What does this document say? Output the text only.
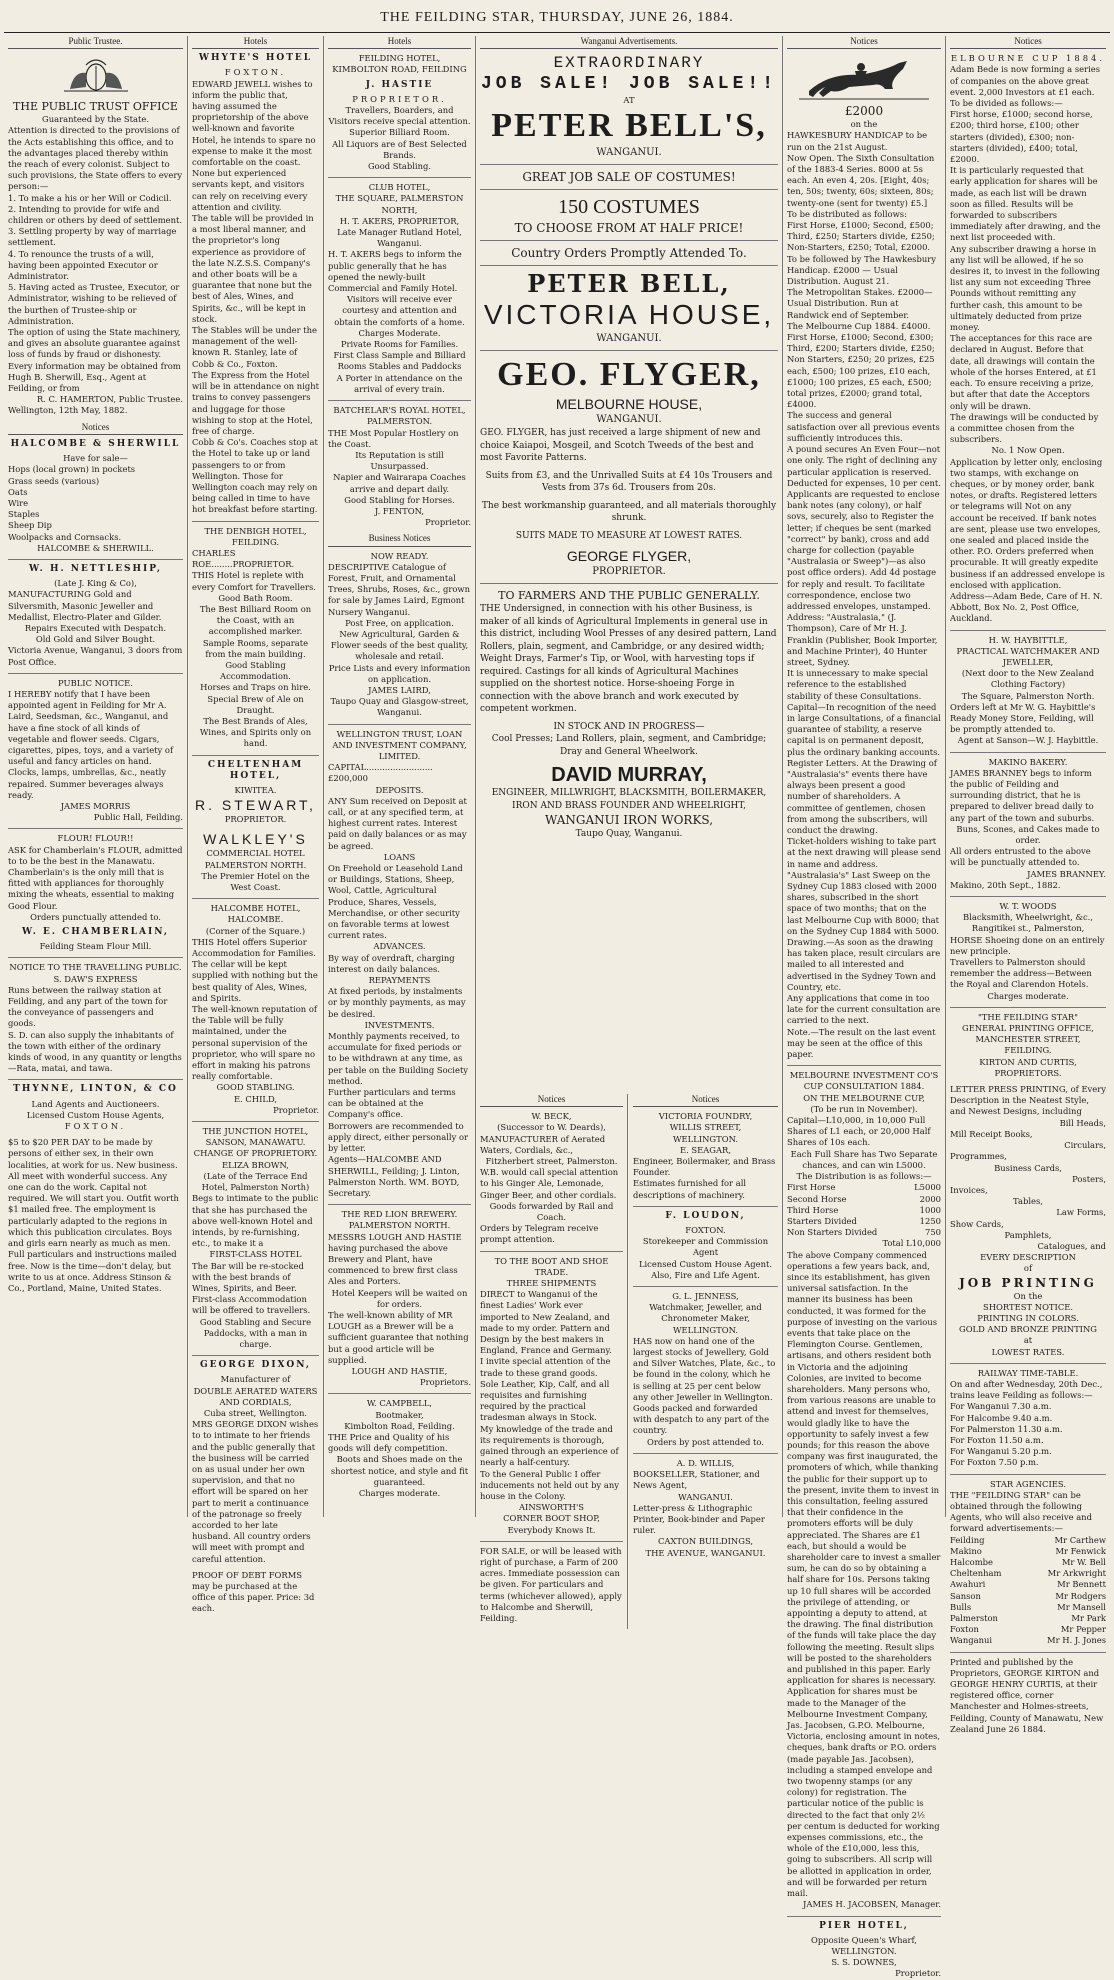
THE FEILDING STAR, THURSDAY, JUNE 26, 1884.
Public Trustee.
THE PUBLIC TRUST OFFICE
Guaranteed by the State.
Attention is directed to the provisions of the Acts establishing this office, and to the advantages placed thereby within the reach of every colonist. Subject to such provisions, the State offers to every person:—
1. To make a his or her Will or Codicil.
2. Intending to provide for wife and children or others by deed of settlement.
3. Settling property by way of marriage settlement.
4. To renounce the trusts of a will, having been appointed Executor or Administrator.
5. Having acted as Trustee, Executor, or Administrator, wishing to be relieved of the burthen of Trustee-ship or Administration.
The option of using the State machinery, and gives an absolute guarantee against loss of funds by fraud or dishonesty.
Every information may be obtained from Hugh B. Sherwill, Esq., Agent at Feilding, or from
R. C. HAMERTON, Public Trustee.
Wellington, 12th May, 1882.
Notices
HALCOMBE & SHERWILL
Have for sale—
Hops (local grown) in pockets
Grass seeds (various)
Oats
Wire
Staples
Sheep Dip
Woolpacks and Cornsacks.
HALCOMBE & SHERWILL.
W. H. NETTLESHIP,
(Late J. King & Co),
MANUFACTURING Gold and Silversmith, Masonic Jeweller and Medallist, Electro-Plater and Gilder.
Repairs Executed with Despatch.
Old Gold and Silver Bought.
Victoria Avenue, Wanganui, 3 doors from Post Office.
PUBLIC NOTICE.
I HEREBY notify that I have been appointed agent in Feilding for Mr A. Laird, Seedsman, &c., Wanganui, and have a fine stock of all kinds of vegetable and flower seeds. Cigars, cigarettes, pipes, toys, and a variety of useful and fancy articles on hand. Clocks, lamps, umbrellas, &c., neatly repaired. Summer beverages always ready.
JAMES MORRIS
Public Hall, Feilding.
FLOUR! FLOUR!!
ASK for Chamberlain's FLOUR, admitted to to be the best in the Manawatu.
Chamberlain's is the only mill that is fitted with appliances for thoroughly mixing the wheats, essential to making Good Flour.
Orders punctually attended to.
W. E. CHAMBERLAIN,
Feilding Steam Flour Mill.
NOTICE TO THE TRAVELLING PUBLIC.
S. DAW'S EXPRESS
Runs between the railway station at Feilding, and any part of the town for the conveyance of passengers and goods.
S. D. can also supply the inhabitants of the town with either of the ordinary kinds of wood, in any quantity or lengths—Rata, matai, and tawa.
THYNNE, LINTON, & CO
Land Agents and Auctioneers.
Licensed Custom House Agents,
FOXTON.
$5 to $20 PER DAY to be made by persons of either sex, in their own localities, at work for us. New business. All meet with wonderful success. Any one can do the work. Capital not required. We will start you. Outfit worth $1 mailed free. The employment is particularly adapted to the regions in which this publication circulates. Boys and girls earn nearly as much as men. Full particulars and instructions mailed free. Now is the time—don't delay, but write to us at once. Address Stinson & Co., Portland, Maine, United States.
Hotels
WHYTE'S HOTEL
FOXTON.
EDWARD JEWELL wishes to inform the public that, having assumed the proprietorship of the above well-known and favorite Hotel, he intends to spare no expense to make it the most comfortable on the coast. None but experienced servants kept, and visitors can rely on receiving every attention and civility.
The table will be provided in a most liberal manner, and the proprietor's long experience as providore of the late N.Z.S.S. Company's and other boats will be a guarantee that none but the best of Ales, Wines, and Spirits, &c., will be kept in stock.
The Stables will be under the management of the well-known R. Stanley, late of Cobb & Co., Foxton.
The Express from the Hotel will be in attendance on night trains to convey passengers and luggage for those wishing to stop at the Hotel, free of charge.
Cobb & Co's. Coaches stop at the Hotel to take up or land passengers to or from Wellington. Those for Wellington coach may rely on being called in time to have hot breakfast before starting.
THE DENBIGH HOTEL,
FEILDING.
CHARLES ROE........PROPRIETOR.
THIS Hotel is replete with every Comfort for Travellers.
Good Bath Room.
The Best Billiard Room on the Coast, with an accomplished marker.
Sample Rooms, separate from the main building.
Good Stabling Accommodation.
Horses and Traps on hire.
Special Brew of Ale on Draught.
The Best Brands of Ales, Wines, and Spirits only on hand.
CHELTENHAM HOTEL,
KIWITEA.
R. STEWART,
PROPRIETOR.
WALKLEY'S
COMMERCIAL HOTEL
PALMERSTON NORTH.
The Premier Hotel on the West Coast.
HALCOMBE HOTEL,
HALCOMBE.
(Corner of the Square.)
THIS Hotel offers Superior Accommodation for Families.
The cellar will be kept supplied with nothing but the best quality of Ales, Wines, and Spirits.
The well-known reputation of the Table will be fully maintained, under the personal supervision of the proprietor, who will spare no effort in making his patrons really comfortable.
GOOD STABLING.
E. CHILD,
Proprietor.
THE JUNCTION HOTEL,
SANSON, MANAWATU.
CHANGE OF PROPRIETORY.
ELIZA BROWN,
(Late of the Terrace End Hotel, Palmerston North)
Begs to intimate to the public that she has purchased the above well-known Hotel and intends, by re-furnishing, etc., to make it a
FIRST-CLASS HOTEL
The Bar will be re-stocked with the best brands of Wines, Spirits, and Beer.
First-class Accommodation will be offered to travellers.
Good Stabling and Secure Paddocks, with a man in charge.
GEORGE DIXON,
Manufacturer of
DOUBLE AERATED WATERS AND CORDIALS,
Cuba street, Wellington.
MRS GEORGE DIXON wishes to to intimate to her friends and the public generally that the business will be carried on as usual under her own supervision, and that no effort will be spared on her part to merit a continuance of the patronage so freely accorded to her late husband. All country orders will meet with prompt and careful attention.
PROOF OF DEBT FORMS may be purchased at the office of this paper. Price: 3d each.
Hotels
FEILDING HOTEL,
KIMBOLTON ROAD, FEILDING
J. HASTIE
PROPRIETOR.
Travellers, Boarders, and Visitors receive special attention.
Superior Billiard Room.
All Liquors are of Best Selected Brands.
Good Stabling.
CLUB HOTEL,
THE SQUARE, PALMERSTON NORTH,
H. T. AKERS, PROPRIETOR,
Late Manager Rutland Hotel, Wanganui.
H. T. AKERS begs to inform the public generally that he has opened the newly-built Commercial and Family Hotel.
Visitors will receive ever courtesy and attention and obtain the comforts of a home.
Charges Moderate.
Private Rooms for Families.
First Class Sample and Billiard Rooms Stables and Paddocks
A Porter in attendance on the arrival of every train.
BATCHELAR'S ROYAL HOTEL,
PALMERSTON.
THE Most Popular Hostlery on the Coast.
Its Reputation is still Unsurpassed.
Napier and Wairarapa Coaches arrive and depart daily.
Good Stabling for Horses.
J. FENTON,
Proprietor.
Business Notices
NOW READY.
DESCRIPTIVE Catalogue of Forest, Fruit, and Ornamental Trees, Shrubs, Roses, &c., grown for sale by James Laird, Egmont Nursery Wanganui.
Post Free, on application.
New Agricultural, Garden & Flower seeds of the best quality, wholesale and retail.
Price Lists and every information on application.
JAMES LAIRD,
Taupo Quay and Glasgow-street, Wanganui.
WELLINGTON TRUST, LOAN AND INVESTMENT COMPANY, LIMITED.
CAPITAL.........................£200,000
DEPOSITS.
ANY Sum received on Deposit at call, or at any specified term, at highest current rates. Interest paid on daily balances or as may be agreed.
LOANS
On Freehold or Leasehold Land or Buildings, Stations, Sheep, Wool, Cattle, Agricultural Produce, Shares, Vessels, Merchandise, or other security on favorable terms at lowest current rates.
ADVANCES.
By way of overdraft, charging interest on daily balances.
REPAYMENTS
At fixed periods, by instalments or by monthly payments, as may be desired.
INVESTMENTS.
Monthly payments received, to accumulate for fixed periods or to be withdrawn at any time, as per table on the Building Society method.
Further particulars and terms can be obtained at the Company's office.
Borrowers are recommended to apply direct, either personally or by letter.
Agents—HALCOMBE AND SHERWILL, Feilding; J. Linton, Palmerston North. WM. BOYD, Secretary.
THE RED LION BREWERY.
PALMERSTON NORTH.
MESSRS LOUGH AND HASTIE having purchased the above Brewery and Plant, have commenced to brew first class Ales and Porters.
Hotel Keepers will be waited on for orders.
The well-known ability of MR LOUGH as a Brewer will be a sufficient guarantee that nothing but a good article will be supplied.
LOUGH AND HASTIE,
Proprietors.
W. CAMPBELL,
Bootmaker,
Kimbolton Road, Feilding.
THE Price and Quality of his goods will defy competition.
Boots and Shoes made on the shortest notice, and style and fit guaranteed.
Charges moderate.
Wanganui Advertisements.
EXTRAORDINARY
JOB SALE! JOB SALE!!
AT
PETER BELL'S,
WANGANUI.
GREAT JOB SALE OF COSTUMES!
150 COSTUMES
TO CHOOSE FROM AT HALF PRICE!
Country Orders Promptly Attended To.
PETER BELL,
VICTORIA HOUSE,
WANGANUI.
GEO. FLYGER,
MELBOURNE HOUSE,
WANGANUI.
GEO. FLYGER, has just received a large shipment of new and choice Kaiapoi, Mosgeil, and Scotch Tweeds of the best and most Favorite Patterns.
Suits from £3, and the Unrivalled Suits at £4 10s Trousers and Vests from 37s 6d. Trousers from 20s.
The best workmanship guaranteed, and all materials thoroughly shrunk.
SUITS MADE TO MEASURE AT LOWEST RATES.
GEORGE FLYGER,
PROPRIETOR.
TO FARMERS AND THE PUBLIC GENERALLY.
THE Undersigned, in connection with his other Business, is maker of all kinds of Agricultural Implements in general use in this district, including Wool Presses of any desired pattern, Land Rollers, plain, segment, and Cambridge, or any desired width; Weight Drays, Farmer's Tip, or Wool, with harvesting tops if required. Castings for all kinds of Agricultural Machines supplied on the shortest notice. Horse-shoeing Forge in connection with the above branch and work executed by competent workmen.
IN STOCK AND IN PROGRESS—
Cool Presses; Land Rollers, plain, segment, and Cambridge; Dray and General Wheelwork.
DAVID MURRAY,
ENGINEER, MILLWRIGHT, BLACKSMITH, BOILERMAKER, IRON AND BRASS FOUNDER AND WHEELRIGHT,
WANGANUI IRON WORKS,
Taupo Quay, Wanganui.
Notices
W. BECK,
(Successor to W. Deards),
MANUFACTURER of Aerated Waters, Cordials, &c.,
Fitzherbert street, Palmerston.
W.B. would call special attention to his Ginger Ale, Lemonade, Ginger Beer, and other cordials.
Goods forwarded by Rail and Coach.
Orders by Telegram receive prompt attention.
TO THE BOOT AND SHOE TRADE.
THREE SHIPMENTS
DIRECT to Wanganui of the finest Ladies' Work ever imported to New Zealand, and made to my order. Pattern and Design by the best makers in England, France and Germany.
I invite special attention of the trade to these grand goods.
Sole Leather, Kip, Calf, and all requisites and furnishing required by the practical tradesman always in Stock.
My knowledge of the trade and its requirements is thorough, gained through an experience of nearly a half-century.
To the General Public I offer inducements not held out by any house in the Colony.
AINSWORTH'S
CORNER BOOT SHOP,
Everybody Knows It.
FOR SALE, or will be leased with right of purchase, a Farm of 200 acres. Immediate possession can be given. For particulars and terms (whichever allowed), apply to Halcombe and Sherwill, Feilding.
Notices
VICTORIA FOUNDRY,
WILLIS STREET,
WELLINGTON.
E. SEAGAR,
Engineer, Boilermaker, and Brass Founder.
Estimates furnished for all descriptions of machinery.
F. LOUDON,
FOXTON.
Storekeeper and Commission Agent
Licensed Custom House Agent.
Also, Fire and Life Agent.
G. L. JENNESS,
Watchmaker, Jeweller, and Chronometer Maker,
WELLINGTON.
HAS now on hand one of the largest stocks of Jewellery, Gold and Silver Watches, Plate, &c., to be found in the colony, which he is selling at 25 per cent below any other Jeweller in Wellington.
Goods packed and forwarded with despatch to any part of the country.
Orders by post attended to.
A. D. WILLIS,
BOOKSELLER, Stationer, and News Agent,
WANGANUI.
Letter-press & Lithographic Printer, Book-binder and Paper ruler.
CAXTON BUILDINGS,
THE AVENUE, WANGANUI.
Notices
£2000
on the
HAWKESBURY HANDICAP to be run on the 21st August.
Now Open. The Sixth Consultation of the 1883-4 Series. 8000 at 5s each. An even 4, 20s. [Eight, 40s; ten, 50s; twenty, 60s; sixteen, 80s; twenty-one (sent for twenty) £5.]
To be distributed as follows:
First Horse, £1000; Second, £500; Third, £250; Starters divide, £250; Non-Starters, £250; Total, £2000.
To be followed by The Hawkesbury Handicap. £2000 — Usual Distribution. August 21.
The Metropolitan Stakes. £2000—Usual Distribution. Run at Randwick end of September.
The Melbourne Cup 1884. £4000. First Horse, £1000; Second, £300; Third, £200; Starters divide, £250; Non Starters, £250; 20 prizes, £25 each, £500; 100 prizes, £10 each, £1000; 100 prizes, £5 each, £500; total prizes, £2000; grand total, £4000.
The success and general satisfaction over all previous events sufficiently introduces this.
A pound secures An Even Four—not one only. The right of declining any particular application is reserved.
Deducted for expenses, 10 per cent.
Applicants are requested to enclose bank notes (any colony), or half sovs, securely, also to Register the letter; if cheques be sent (marked "correct" by bank), cross and add charge for collection (payable "Australasia or Sweep")—as also post office orders). Add 4d postage for reply and result. To facilitate correspondence, enclose two addressed envelopes, unstamped.
Address: "Australasia," (J. Thompson), Care of Mr H. J. Franklin (Publisher, Book Importer, and Machine Printer), 40 Hunter street, Sydney.
It is unnecessary to make special reference to the established stability of these Consultations.
Capital—In recognition of the need in large Consultations, of a financial guarantee of stability, a reserve capital is on permanent deposit, plus the ordinary banking accounts.
Register Letters. At the Drawing of "Australasia's" events there have always been present a good number of shareholders. A committee of gentlemen, chosen from among the subscribers, will conduct the drawing.
Ticket-holders wishing to take part at the next drawing will please send in name and address.
"Australasia's" Last Sweep on the Sydney Cup 1883 closed with 2000 shares, subscribed in the short space of two months; that on the last Melbourne Cup with 8000; that on the Sydney Cup 1884 with 5000.
Drawing.—As soon as the drawing has taken place, result circulars are mailed to all interested and advertised in the Sydney Town and Country, etc.
Any applications that come in too late for the current consultation are carried to the next.
Note.—The result on the last event may be seen at the office of this paper.
MELBOURNE INVESTMENT CO'S CUP CONSULTATION 1884.
ON THE MELBOURNE CUP,
(To be run in November).
Capital—L10,000, in 10,000 Full Shares of L1 each, or 20,000 Half Shares of 10s each.
Each Full Share has Two Separate chances, and can win L5000.
The Distribution is as follows:—
First Horse	L5000
Second Horse	2000
Third Horse	1000
Starters Divided	1250
Non Starters Divided	750
Total L10,000
The above Company commenced operations a few years back, and, since its establishment, has given universal satisfaction. In the manner its business has been conducted, it was formed for the purpose of investing on the various events that take place on the Flemington Course. Gentlemen, artisans, and others resident both in Victoria and the adjoining Colonies, are invited to become shareholders. Many persons who, from various reasons are unable to attend and invest for themselves, would gladly like to have the opportunity to safely invest a few pounds; for this reason the above company was first inaugurated, the promoters of which, while thanking the public for their support up to the present, invite them to invest in this consultation, feeling assured that their confidence in the promoters efforts will be duly appreciated. The Shares are £1 each, but should a would be shareholder care to invest a smaller sum, he can do so by obtaining a half share for 10s. Persons taking up 10 full shares will be accorded the privilege of attending, or appointing a deputy to attend, at the drawing. The final distribution of the funds will take place the day following the meeting. Result slips will be posted to the shareholders and published in this paper. Early application for shares is necessary. Application for shares must be made to the Manager of the Melbourne Investment Company, Jas. Jacobsen, G.P.O. Melbourne, Victoria, enclosing amount in notes, cheques, bank drafts or P.O. orders (made payable Jas. Jacobsen), including a stamped envelope and two twopenny stamps (or any colony) for registration. The particular notice of the public is directed to the fact that only 2½ per centum is deducted for working expenses commissions, etc., the whole of the £10,000, less this, going to subscribers. All scrip will be allotted in application in order, and will be forwarded per return mail.
JAMES H. JACOBSEN, Manager.
PIER HOTEL,
Opposite Queen's Wharf,
WELLINGTON.
S. S. DOWNES,
Proprietor.
Notices
ELBOURNE CUP 1884.
Adam Bede is now forming a series of companies on the above great event. 2,000 Investors at £1 each. To be divided as follows:—
First horse, £1000; second horse, £200; third horse, £100; other starters (divided), £300; non-starters (divided), £400; total, £2000.
It is particularly requested that early application for shares will be made, as each list will be drawn soon as filled. Results will be forwarded to subscribers immediately after drawing, and the next list proceeded with.
Any subscriber drawing a horse in any list will be allowed, if he so desires it, to invest in the following list any sum not exceeding Three Pounds without remitting any further cash, this amount to be ultimately deducted from prize money.
The acceptances for this race are declared in August. Before that date, all drawings will contain the whole of the horses Entered, at £1 each. To ensure receiving a prize, but after that date the Acceptors only will be drawn.
The drawings will be conducted by a committee chosen from the subscribers.
No. 1 Now Open.
Application by letter only, enclosing two stamps, with exchange on cheques, or by money order, bank notes, or drafts. Registered letters or telegrams will Not on any account be received. If bank notes are sent, please use two envelopes, one sealed and placed inside the other. P.O. Orders preferred when procurable. It will greatly expedite business if an addressed envelope is enclosed with application.
Address—Adam Bede, Care of H. N. Abbott, Box No. 2, Post Office, Auckland.
H. W. HAYBITTLE,
PRACTICAL WATCHMAKER AND JEWELLER,
(Next door to the New Zealand Clothing Factory)
The Square, Palmerston North.
Orders left at Mr W. G. Haybittle's Ready Money Store, Feilding, will be promptly attended to.
Agent at Sanson—W. J. Haybittle.
MAKINO BAKERY.
JAMES BRANNEY begs to inform the public of Feilding and surrounding district, that he is prepared to deliver bread daily to any part of the town and suburbs.
Buns, Scones, and Cakes made to order.
All orders entrusted to the above will be punctually attended to.
JAMES BRANNEY.
Makino, 20th Sept., 1882.
W. T. WOODS
Blacksmith, Wheelwright, &c.,
Rangitikei st., Palmerston,
HORSE Shoeing done on an entirely new principle.
Travellers to Palmerston should remember the address—Between the Royal and Clarendon Hotels.
Charges moderate.
"THE FEILDING STAR"
GENERAL PRINTING OFFICE,
MANCHESTER STREET,
FEILDING.
KIRTON AND CURTIS,
PROPRIETORS.
LETTER PRESS PRINTING, of Every Description in the Neatest Style, and Newest Designs, including
Bill Heads,
Mill Receipt Books,
Circulars,
Programmes,
Business Cards,
Posters,
Invoices,
Tables,
Law Forms,
Show Cards,
Pamphlets,
Catalogues, and
EVERY DESCRIPTION
of
JOB PRINTING
On the
SHORTEST NOTICE.
PRINTING IN COLORS.
GOLD AND BRONZE PRINTING
at
LOWEST RATES.
RAILWAY TIME-TABLE.
On and after Wednesday, 20th Dec., trains leave Feilding as follows:—
For Wanganui 7.30 a.m.
For Halcombe 9.40 a.m.
For Palmerston 11.30 a.m.
For Foxton 11.50 a.m.
For Wanganui 5.20 p.m.
For Foxton 7.50 p.m.
STAR AGENCIES.
THE "FEILDING STAR" can be obtained through the following Agents, who will also receive and forward advertisements:—
Feilding	Mr Carthew
Makino	Mr Fenwick
Halcombe	Mr W. Bell
Cheltenham	Mr Arkwright
Awahuri	Mr Bennett
Sanson	Mr Rodgers
Bulls	Mr Mansell
Palmerston	Mr Park
Foxton	Mr Pepper
Wanganui	Mr H. J. Jones
Printed and published by the Proprietors, GEORGE KIRTON and GEORGE HENRY CURTIS, at their registered office, corner Manchester and Holmes-streets, Feilding, County of Manawatu, New Zealand June 26 1884.
